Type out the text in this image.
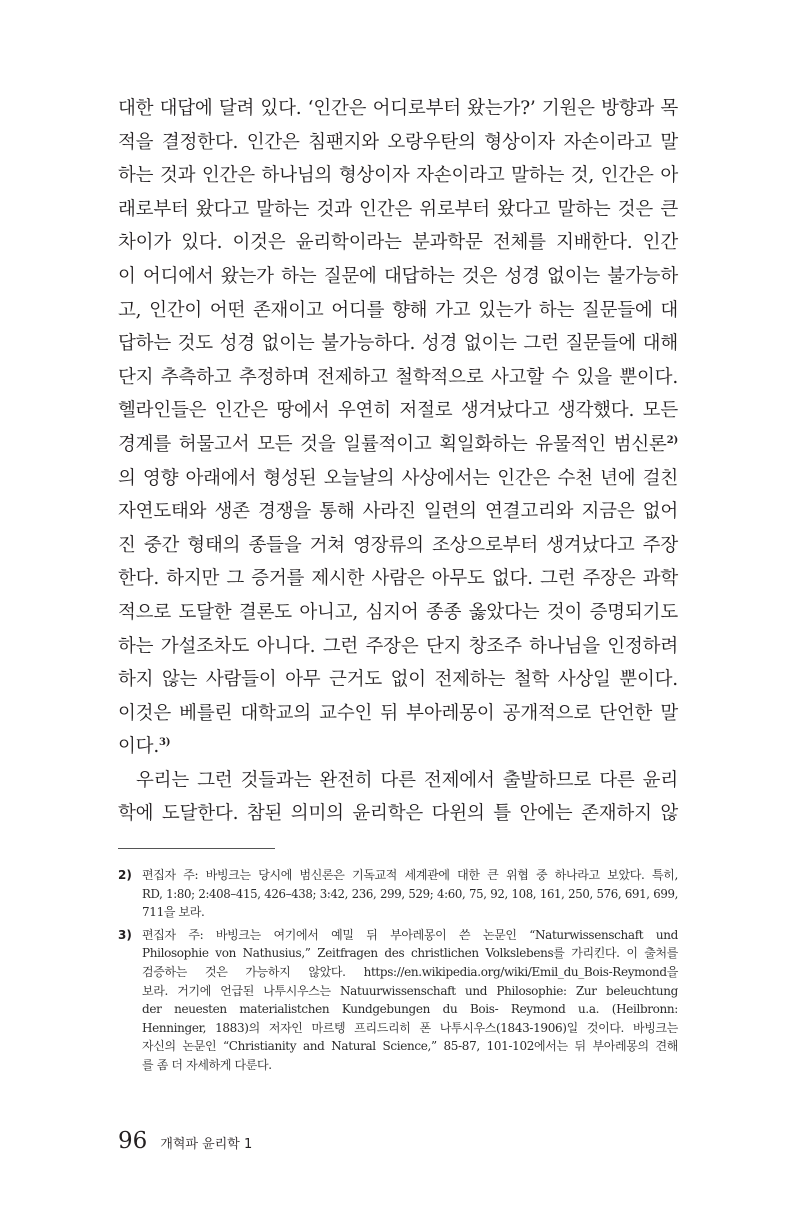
대한 대답에 달려 있다. ‘인간은 어디로부터 왔는가?’ 기원은 방향과 목
적을 결정한다. 인간은 침팬지와 오랑우탄의 형상이자 자손이라고 말
하는 것과 인간은 하나님의 형상이자 자손이라고 말하는 것, 인간은 아
래로부터 왔다고 말하는 것과 인간은 위로부터 왔다고 말하는 것은 큰
차이가 있다. 이것은 윤리학이라는 분과학문 전체를 지배한다. 인간
이 어디에서 왔는가 하는 질문에 대답하는 것은 성경 없이는 불가능하
고, 인간이 어떤 존재이고 어디를 향해 가고 있는가 하는 질문들에 대
답하는 것도 성경 없이는 불가능하다. 성경 없이는 그런 질문들에 대해
단지 추측하고 추정하며 전제하고 철학적으로 사고할 수 있을 뿐이다.
헬라인들은 인간은 땅에서 우연히 저절로 생겨났다고 생각했다. 모든
경계를 허물고서 모든 것을 일률적이고 획일화하는 유물적인 범신론$^{2)}$
의 영향 아래에서 형성된 오늘날의 사상에서는 인간은 수천 년에 걸친
자연도태와 생존 경쟁을 통해 사라진 일련의 연결고리와 지금은 없어
진 중간 형태의 종들을 거쳐 영장류의 조상으로부터 생겨났다고 주장
한다. 하지만 그 증거를 제시한 사람은 아무도 없다. 그런 주장은 과학
적으로 도달한 결론도 아니고, 심지어 종종 옳았다는 것이 증명되기도
하는 가설조차도 아니다. 그런 주장은 단지 창조주 하나님을 인정하려
하지 않는 사람들이 아무 근거도 없이 전제하는 철학 사상일 뿐이다.
이것은 베를린 대학교의 교수인 뒤 부아레몽이 공개적으로 단언한 말
이다.$^{3)}$
우리는 그런 것들과는 완전히 다른 전제에서 출발하므로 다른 윤리
학에 도달한다. 참된 의미의 윤리학은 다윈의 틀 안에는 존재하지 않
2) 편집자 주: 바빙크는 당시에 범신론은 기독교적 세계관에 대한 큰 위협 중 하나라고 보았다. 특히,
RD, 1:80; 2:408–415, 426–438; 3:42, 236, 299, 529; 4:60, 75, 92, 108, 161, 250, 576, 691, 699,
711을 보라.
3) 편집자 주: 바빙크는 여기에서 예밀 뒤 부아레몽이 쓴 논문인 “Naturwissenschaft und
Philosophie von Nathusius,” Zeitfragen des christlichen Volkslebens를 가리킨다. 이 출처를
검증하는 것은 가능하지 않았다. https://en.wikipedia.org/wiki/Emil_du_Bois-Reymond을
보라. 거기에 언급된 나투시우스는 Natuurwissenschaft und Philosophie: Zur beleuchtung
der neuesten materialistchen Kundgebungen du Bois- Reymond u.a. (Heilbronn:
Henninger, 1883)의 저자인 마르텡 프리드리히 폰 나투시우스(1843-1906)일 것이다. 바빙크는
자신의 논문인 “Christianity and Natural Science,” 85-87, 101-102에서는 뒤 부아레몽의 견해
를 좀 더 자세하게 다룬다.
96 개혁파 윤리학 1
